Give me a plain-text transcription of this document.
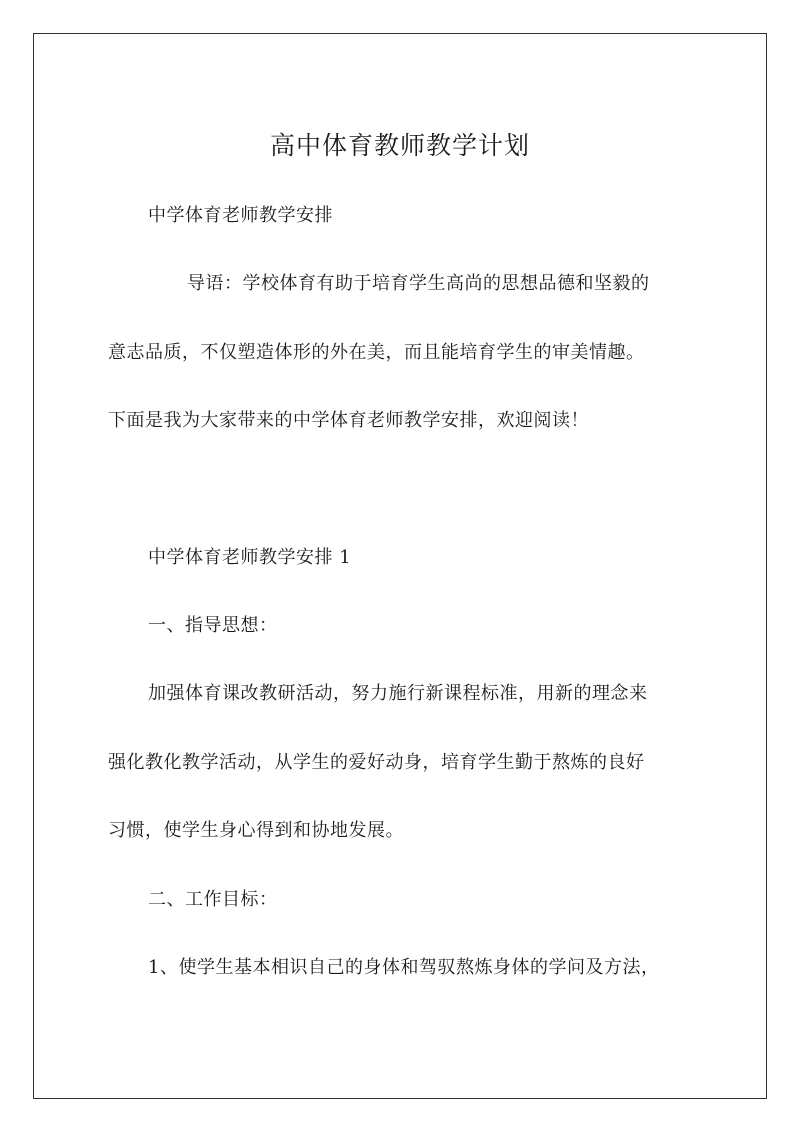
高中体育教师教学计划
中学体育老师教学安排
导语：学校体育有助于培育学生高尚的思想品德和坚毅的
意志品质，不仅塑造体形的外在美，而且能培育学生的审美情趣。
下面是我为大家带来的中学体育老师教学安排，欢迎阅读！
中学体育老师教学安排 1
一、指导思想：
加强体育课改教研活动，努力施行新课程标准，用新的理念来
强化教化教学活动，从学生的爱好动身，培育学生勤于熬炼的良好
习惯，使学生身心得到和协地发展。
二、工作目标：
1、使学生基本相识自己的身体和驾驭熬炼身体的学问及方法，
